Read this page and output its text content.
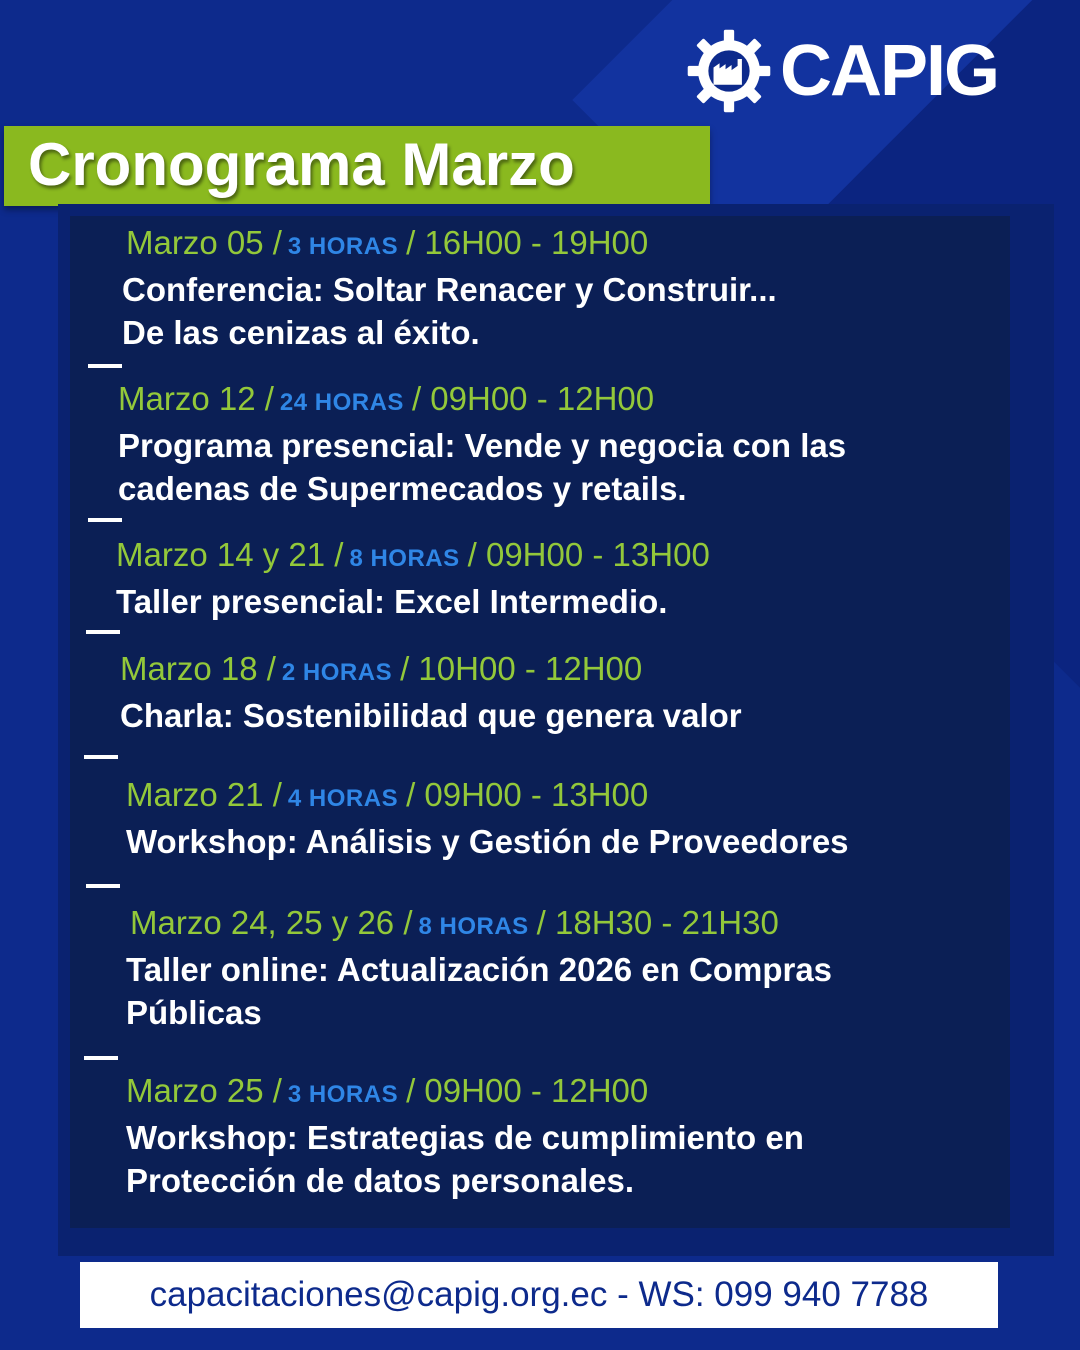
CAPIG
Cronograma Marzo
Marzo 05 / 3 HORAS / 16H00 - 19H00
Conferencia: Soltar Renacer y Construir...
De las cenizas al éxito.
Marzo 12 / 24 HORAS / 09H00 - 12H00
Programa presencial: Vende y negocia con las
cadenas de Supermecados y retails.
Marzo 14 y 21 / 8 HORAS / 09H00 - 13H00
Taller presencial: Excel Intermedio.
Marzo 18 / 2 HORAS / 10H00 - 12H00
Charla: Sostenibilidad que genera valor
Marzo 21 / 4 HORAS / 09H00 - 13H00
Workshop: Análisis y Gestión de Proveedores
Marzo 24, 25 y 26 / 8 HORAS / 18H30 - 21H30
Taller online: Actualización 2026 en Compras
Públicas
Marzo 25 / 3 HORAS / 09H00 - 12H00
Workshop: Estrategias de cumplimiento en
Protección de datos personales.
capacitaciones@capig.org.ec - WS: 099 940 7788
